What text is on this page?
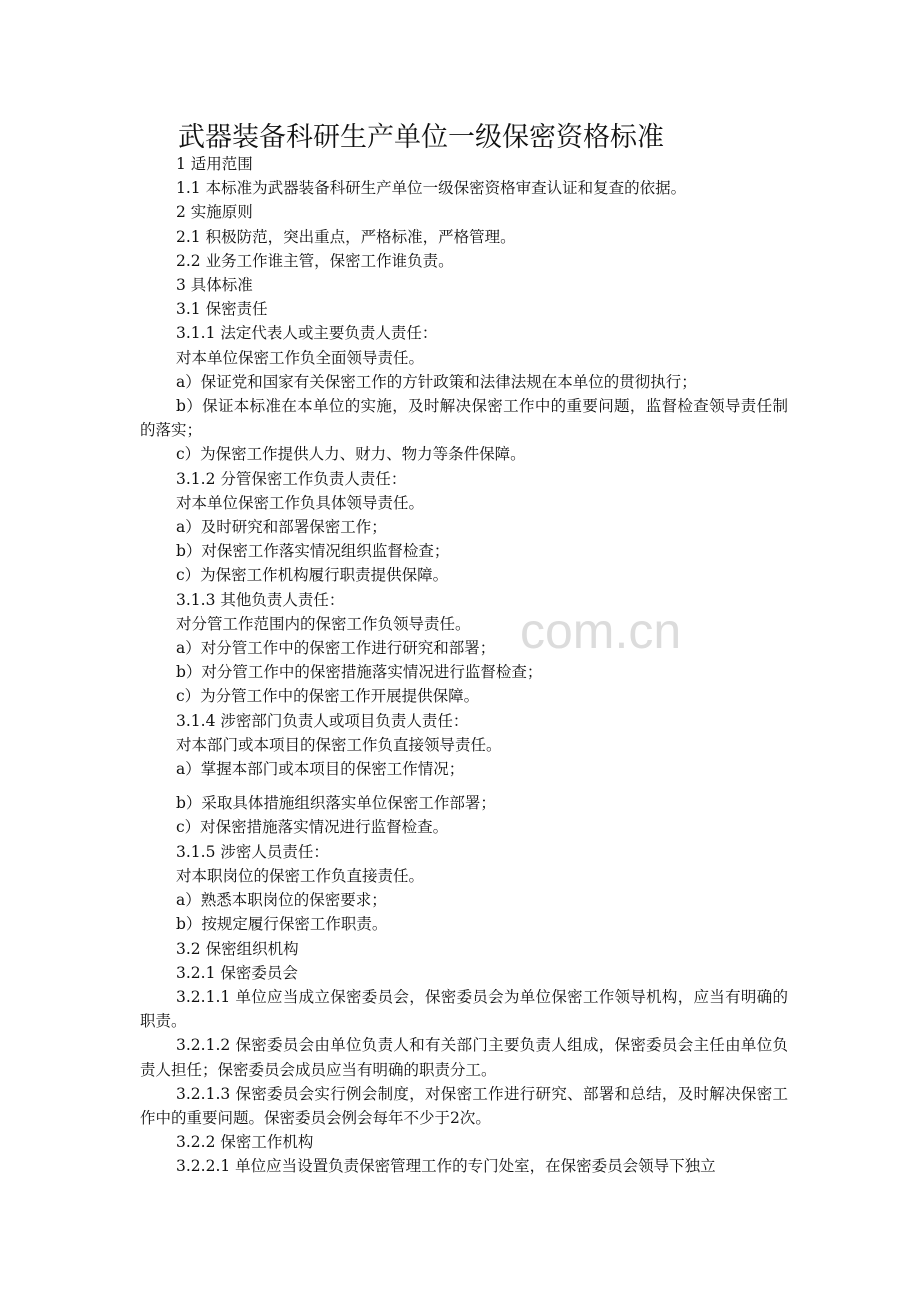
com.cn
武器装备科研生产单位一级保密资格标准

1 适用范围

1.1 本标准为武器装备科研生产单位一级保密资格审查认证和复查的依据。

2 实施原则

2.1 积极防范，突出重点，严格标准，严格管理。

2.2 业务工作谁主管，保密工作谁负责。

3 具体标准

3.1 保密责任

3.1.1 法定代表人或主要负责人责任：

对本单位保密工作负全面领导责任。

a）保证党和国家有关保密工作的方针政策和法律法规在本单位的贯彻执行；

b）保证本标准在本单位的实施，及时解决保密工作中的重要问题，监督检查领导责任制的落实；

c）为保密工作提供人力、财力、物力等条件保障。

3.1.2 分管保密工作负责人责任：

对本单位保密工作负具体领导责任。

a）及时研究和部署保密工作；

b）对保密工作落实情况组织监督检查；

c）为保密工作机构履行职责提供保障。

3.1.3 其他负责人责任：

对分管工作范围内的保密工作负领导责任。

a）对分管工作中的保密工作进行研究和部署；

b）对分管工作中的保密措施落实情况进行监督检查；

c）为分管工作中的保密工作开展提供保障。

3.1.4 涉密部门负责人或项目负责人责任：

对本部门或本项目的保密工作负直接领导责任。

a）掌握本部门或本项目的保密工作情况；

b）采取具体措施组织落实单位保密工作部署；

c）对保密措施落实情况进行监督检查。

3.1.5 涉密人员责任：

对本职岗位的保密工作负直接责任。

a）熟悉本职岗位的保密要求；

b）按规定履行保密工作职责。

3.2 保密组织机构

3.2.1 保密委员会

3.2.1.1 单位应当成立保密委员会，保密委员会为单位保密工作领导机构，应当有明确的职责。

3.2.1.2 保密委员会由单位负责人和有关部门主要负责人组成，保密委员会主任由单位负责人担任；保密委员会成员应当有明确的职责分工。

3.2.1.3 保密委员会实行例会制度，对保密工作进行研究、部署和总结，及时解决保密工作中的重要问题。保密委员会例会每年不少于2次。

3.2.2 保密工作机构

3.2.2.1 单位应当设置负责保密管理工作的专门处室，在保密委员会领导下独立
